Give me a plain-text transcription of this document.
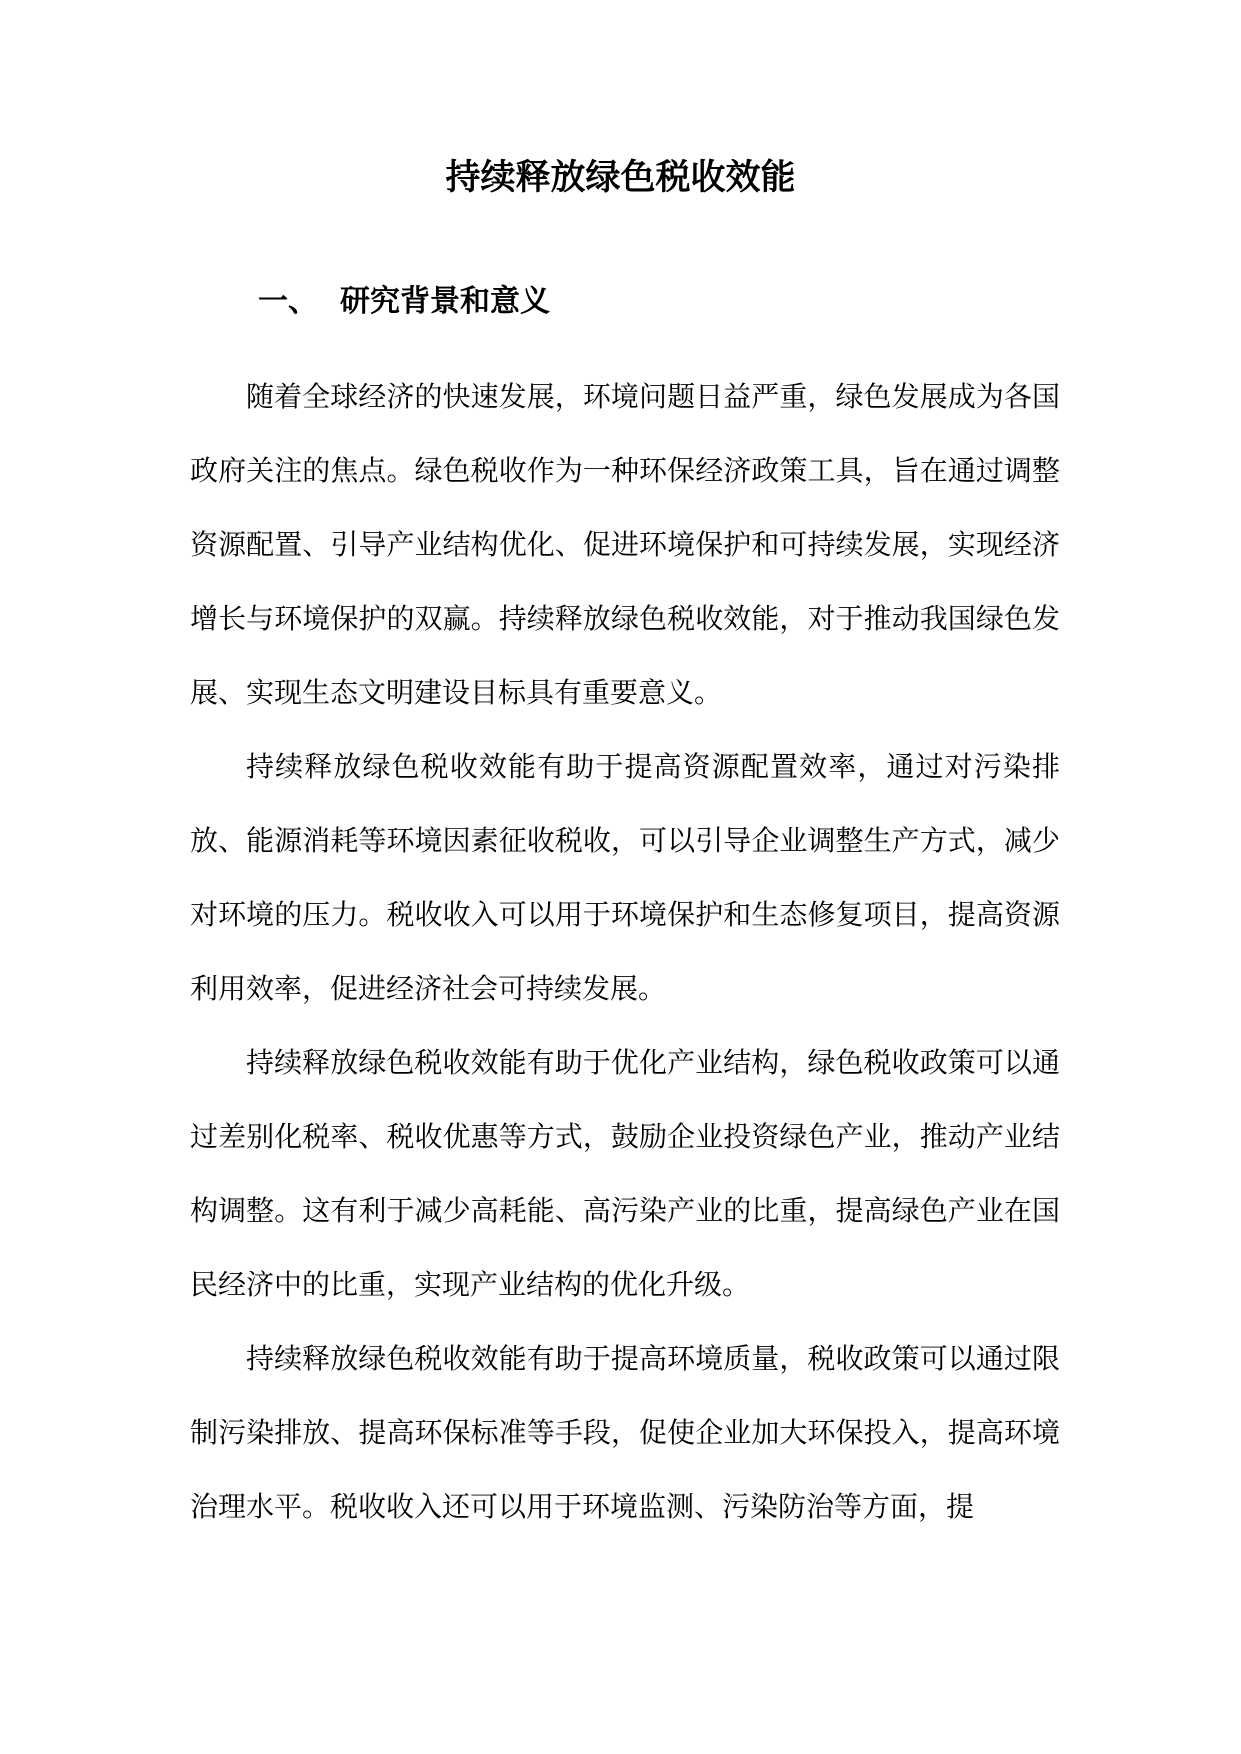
持续释放绿色税收效能
一、 研究背景和意义

随着全球经济的快速发展，环境问题日益严重，绿色发展成为各国政府关注的焦点。绿色税收作为一种环保经济政策工具，旨在通过调整资源配置、引导产业结构优化、促进环境保护和可持续发展，实现经济增长与环境保护的双赢。持续释放绿色税收效能，对于推动我国绿色发展、实现生态文明建设目标具有重要意义。

持续释放绿色税收效能有助于提高资源配置效率，通过对污染排放、能源消耗等环境因素征收税收，可以引导企业调整生产方式，减少对环境的压力。税收收入可以用于环境保护和生态修复项目，提高资源利用效率，促进经济社会可持续发展。

持续释放绿色税收效能有助于优化产业结构，绿色税收政策可以通过差别化税率、税收优惠等方式，鼓励企业投资绿色产业，推动产业结构调整。这有利于减少高耗能、高污染产业的比重，提高绿色产业在国民经济中的比重，实现产业结构的优化升级。

持续释放绿色税收效能有助于提高环境质量，税收政策可以通过限制污染排放、提高环保标准等手段，促使企业加大环保投入，提高环境治理水平。税收收入还可以用于环境监测、污染防治等方面，提
